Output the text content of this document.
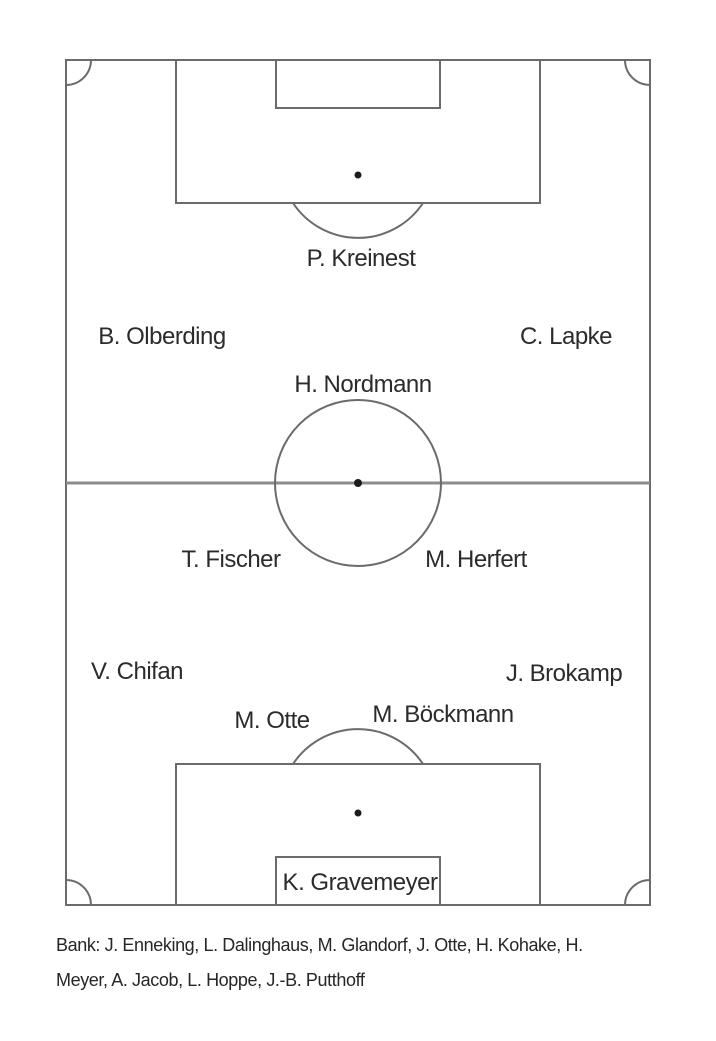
P. Kreinest
B. Olberding	C. Lapke
H. Nordmann
T. Fischer	M. Herfert
V. Chifan	J. Brokamp
M. Otte	M. Böckmann
K. Gravemeyer
Bank: J. Enneking, L. Dalinghaus, M. Glandorf, J. Otte, H. Kohake, H.
Meyer, A. Jacob, L. Hoppe, J.-B. Putthoff
